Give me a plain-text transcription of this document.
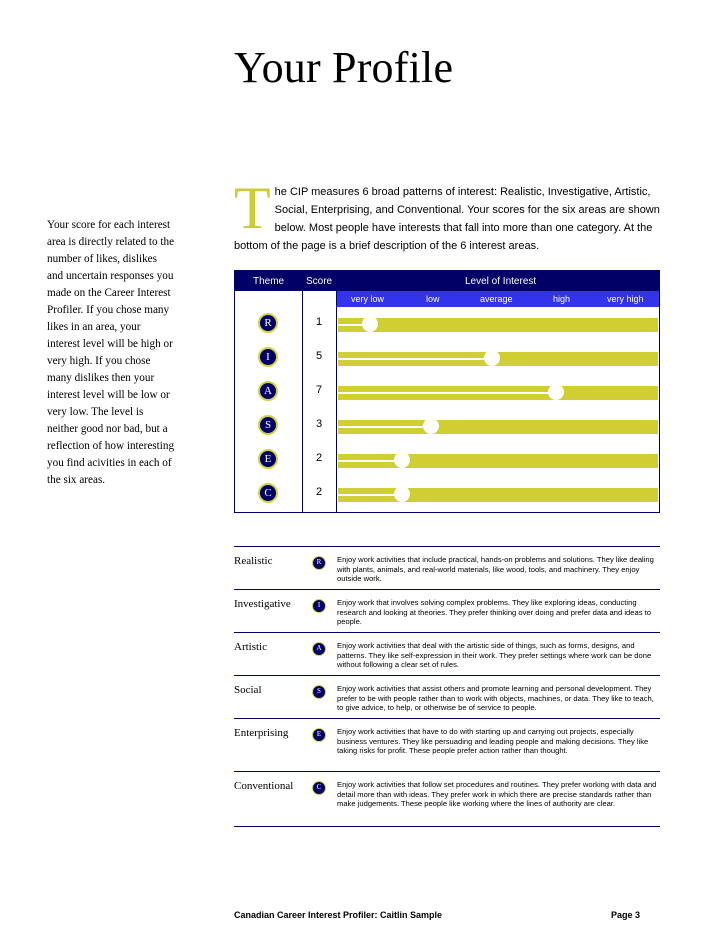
Your Profile

Your score for each interest area is directly related to the number of likes, dislikes and uncertain responses you made on the Career Interest Profiler. If you chose many likes in an area, your interest level will be high or very high. If you chose many dislikes then your interest level will be low or very low. The level is neither good nor bad, but a reflection of how interesting you find acivities in each of the six areas.

T he CIP measures 6 broad patterns of interest: Realistic, Investigative, Artistic, Social, Enterprising, and Conventional. Your scores for the six areas are shown below. Most people have interests that fall into more than one category. At the bottom of the page is a brief description of the 6 interest areas.
Theme Score	Level of Interest
very low	low	average	high	very high
R	1
I	5
A	7
S	3
E	2
C	2
Realistic	R	Enjoy work activities that include practical, hands-on problems and solutions. They like dealing with plants, animals, and real-world materials, like wood, tools, and machinery. They enjoy outside work.
Investigative	I	Enjoy work that involves solving complex problems. They like exploring ideas, conducting research and looking at theories. They prefer thinking over doing and prefer data and ideas to people.
Artistic	A	Enjoy work activities that deal with the artistic side of things, such as forms, designs, and patterns. They like self-expression in their work. They prefer settings where work can be done without following a clear set of rules.
Social	S	Enjoy work activities that assist others and promote learning and personal development. They prefer to be with people rather than to work with objects, machines, or data. They like to teach, to give advice, to help, or otherwise be of service to people.
Enterprising	E	Enjoy work activities that have to do with starting up and carrying out projects, especially business ventures. They like persuading and leading people and making decisions. They like taking risks for profit. These people prefer action rather than thought.
Conventional	C	Enjoy work activities that follow set procedures and routines. They prefer working with data and detail more than with ideas. They prefer work in which there are precise standards rather than make judgements. These people like working where the lines of authority are clear.
Canadian Career Interest Profiler: Caitlin Sample	Page 3
